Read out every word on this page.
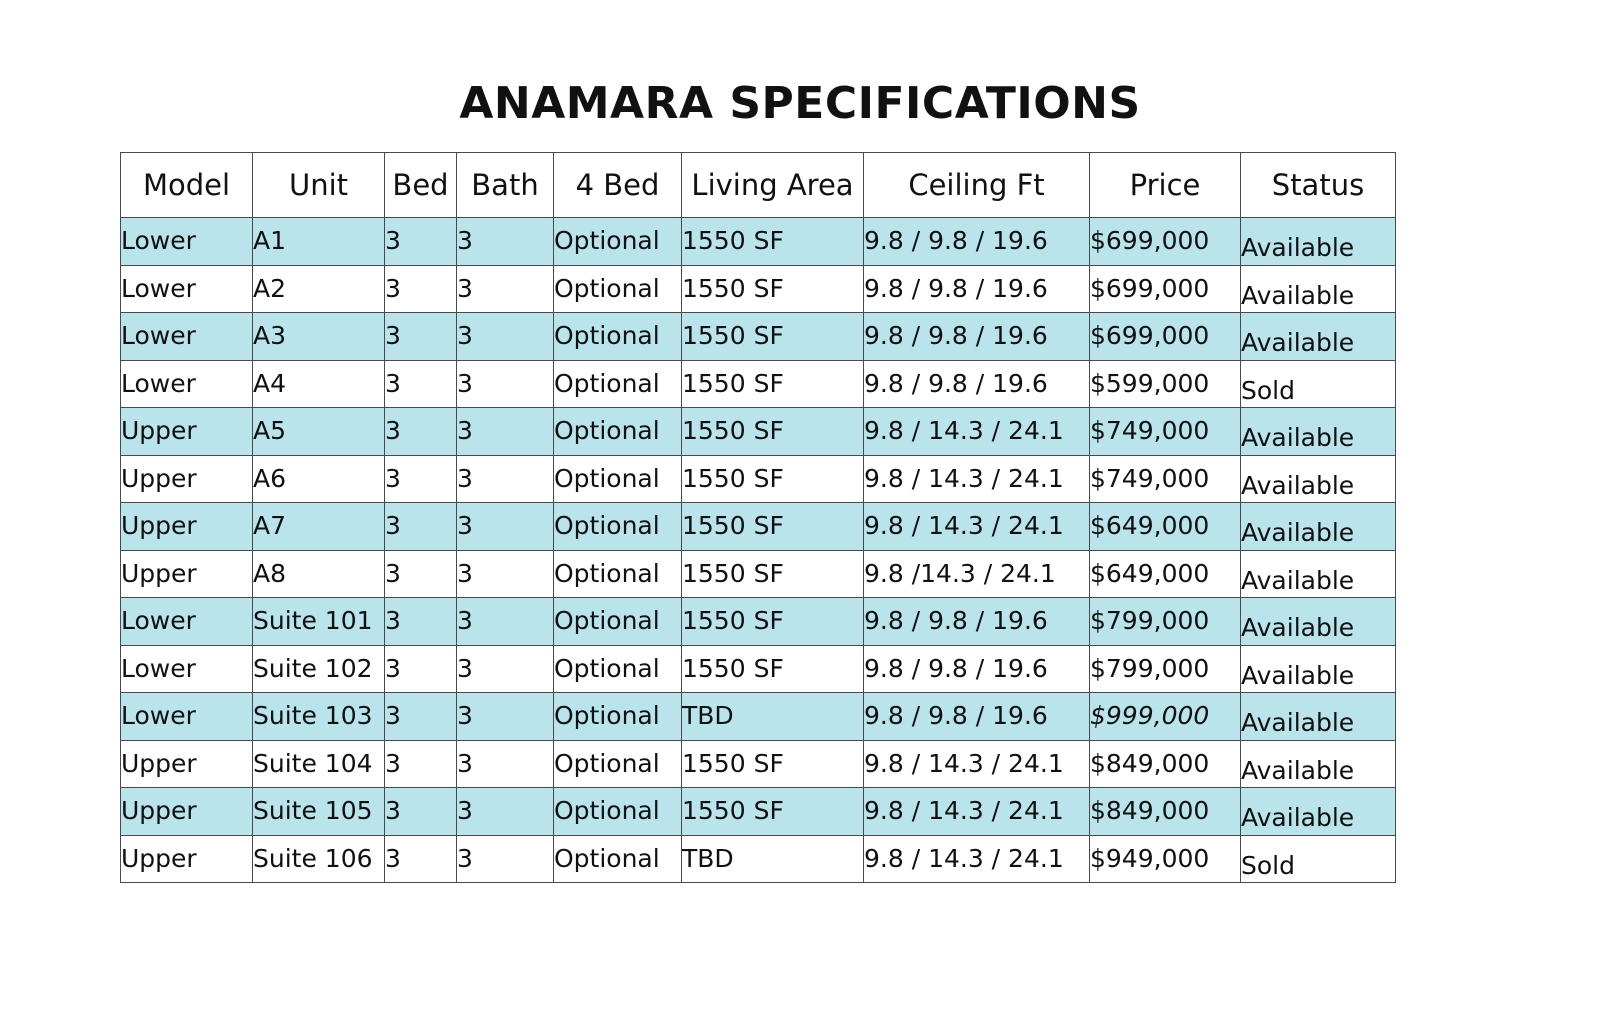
ANAMARA SPECIFICATIONS
Model	Unit	Bed	Bath	4 Bed	Living Area	Ceiling Ft	Price	Status
Lower	A1	3	3	Optional	1550 SF	9.8 / 9.8 / 19.6	$699,000	Available
Lower	A2	3	3	Optional	1550 SF	9.8 / 9.8 / 19.6	$699,000	Available
Lower	A3	3	3	Optional	1550 SF	9.8 / 9.8 / 19.6	$699,000	Available
Lower	A4	3	3	Optional	1550 SF	9.8 / 9.8 / 19.6	$599,000	Sold
Upper	A5	3	3	Optional	1550 SF	9.8 / 14.3 / 24.1	$749,000	Available
Upper	A6	3	3	Optional	1550 SF	9.8 / 14.3 / 24.1	$749,000	Available
Upper	A7	3	3	Optional	1550 SF	9.8 / 14.3 / 24.1	$649,000	Available
Upper	A8	3	3	Optional	1550 SF	9.8 /14.3 / 24.1	$649,000	Available
Lower	Suite 101	3	3	Optional	1550 SF	9.8 / 9.8 / 19.6	$799,000	Available
Lower	Suite 102	3	3	Optional	1550 SF	9.8 / 9.8 / 19.6	$799,000	Available
Lower	Suite 103	3	3	Optional	TBD	9.8 / 9.8 / 19.6	$999,000	Available
Upper	Suite 104	3	3	Optional	1550 SF	9.8 / 14.3 / 24.1	$849,000	Available
Upper	Suite 105	3	3	Optional	1550 SF	9.8 / 14.3 / 24.1	$849,000	Available
Upper	Suite 106	3	3	Optional	TBD	9.8 / 14.3 / 24.1	$949,000	Sold
